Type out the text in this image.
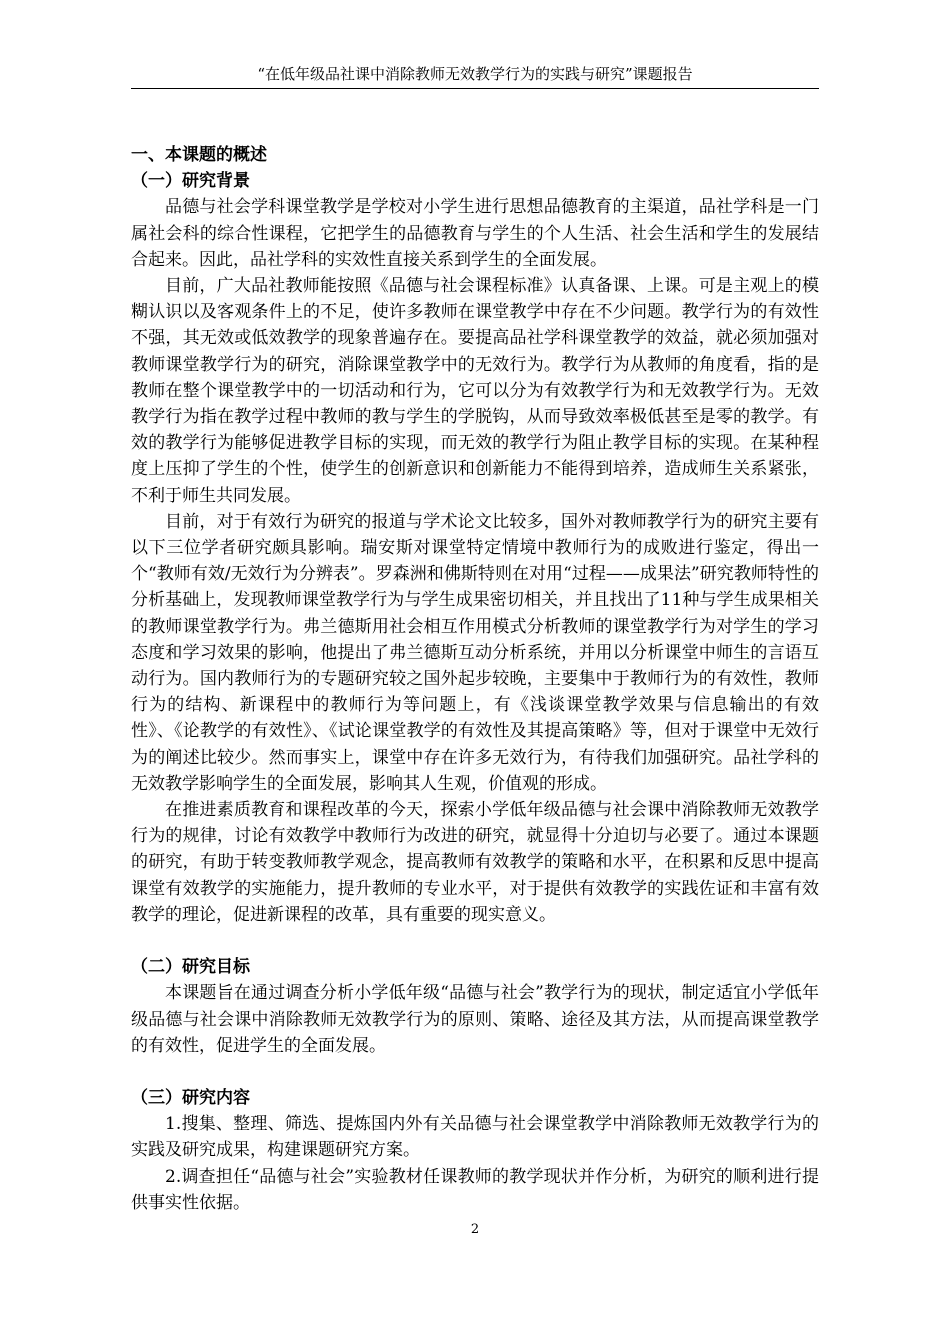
“在低年级品社课中消除教师无效教学行为的实践与研究”课题报告

一、本课题的概述

（一）研究背景

品德与社会学科课堂教学是学校对小学生进行思想品德教育的主渠道，品社学科是一门属社会科的综合性课程，它把学生的品德教育与学生的个人生活、社会生活和学生的发展结合起来。因此，品社学科的实效性直接关系到学生的全面发展。

目前，广大品社教师能按照《品德与社会课程标准》认真备课、上课。可是主观上的模糊认识以及客观条件上的不足，使许多教师在课堂教学中存在不少问题。教学行为的有效性不强，其无效或低效教学的现象普遍存在。要提高品社学科课堂教学的效益，就必须加强对教师课堂教学行为的研究，消除课堂教学中的无效行为。教学行为从教师的角度看，指的是教师在整个课堂教学中的一切活动和行为，它可以分为有效教学行为和无效教学行为。无效教学行为指在教学过程中教师的教与学生的学脱钩，从而导致效率极低甚至是零的教学。有效的教学行为能够促进教学目标的实现，而无效的教学行为阻止教学目标的实现。在某种程度上压抑了学生的个性，使学生的创新意识和创新能力不能得到培养，造成师生关系紧张，不利于师生共同发展。

目前，对于有效行为研究的报道与学术论文比较多，国外对教师教学行为的研究主要有以下三位学者研究颇具影响。瑞安斯对课堂特定情境中教师行为的成败进行鉴定，得出一个“教师有效/无效行为分辨表”。罗森洲和佛斯特则在对用“过程——成果法”研究教师特性的分析基础上，发现教师课堂教学行为与学生成果密切相关，并且找出了11种与学生成果相关的教师课堂教学行为。弗兰德斯用社会相互作用模式分析教师的课堂教学行为对学生的学习态度和学习效果的影响，他提出了弗兰德斯互动分析系统，并用以分析课堂中师生的言语互动行为。国内教师行为的专题研究较之国外起步较晚，主要集中于教师行为的有效性，教师行为的结构、新课程中的教师行为等问题上，有《浅谈课堂教学效果与信息输出的有效性》、《论教学的有效性》、《试论课堂教学的有效性及其提高策略》等，但对于课堂中无效行为的阐述比较少。然而事实上，课堂中存在许多无效行为，有待我们加强研究。品社学科的无效教学影响学生的全面发展，影响其人生观，价值观的形成。

在推进素质教育和课程改革的今天，探索小学低年级品德与社会课中消除教师无效教学行为的规律，讨论有效教学中教师行为改进的研究，就显得十分迫切与必要了。通过本课题的研究，有助于转变教师教学观念，提高教师有效教学的策略和水平，在积累和反思中提高课堂有效教学的实施能力，提升教师的专业水平，对于提供有效教学的实践佐证和丰富有效教学的理论，促进新课程的改革，具有重要的现实意义。

（二）研究目标

本课题旨在通过调查分析小学低年级“品德与社会”教学行为的现状，制定适宜小学低年级品德与社会课中消除教师无效教学行为的原则、策略、途径及其方法，从而提高课堂教学的有效性，促进学生的全面发展。

（三）研究内容

1.搜集、整理、筛选、提炼国内外有关品德与社会课堂教学中消除教师无效教学行为的实践及研究成果，构建课题研究方案。

2.调查担任“品德与社会”实验教材任课教师的教学现状并作分析，为研究的顺利进行提供事实性依据。

2
